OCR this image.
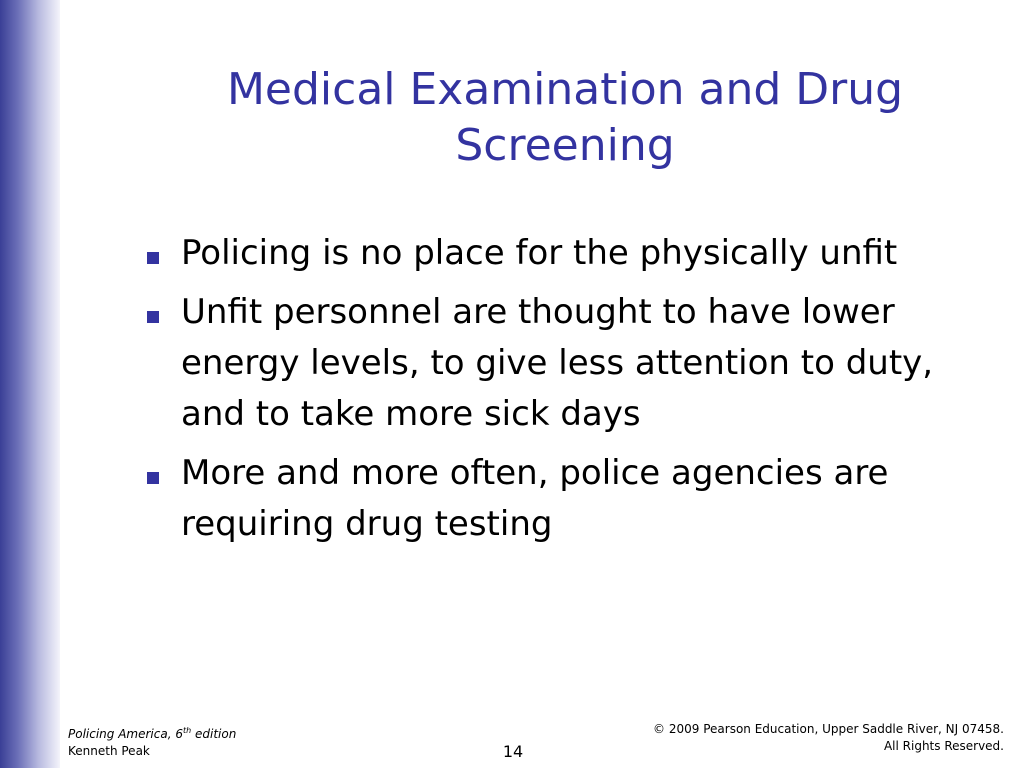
Medical Examination and Drug Screening
Policing is no place for the physically unfit
Unfit personnel are thought to have lower energy levels, to give less attention to duty, and to take more sick days
More and more often, police agencies are requiring drug testing
Policing America, 6th edition
Kenneth Peak	14
© 2009 Pearson Education, Upper Saddle River, NJ 07458.
All Rights Reserved.
